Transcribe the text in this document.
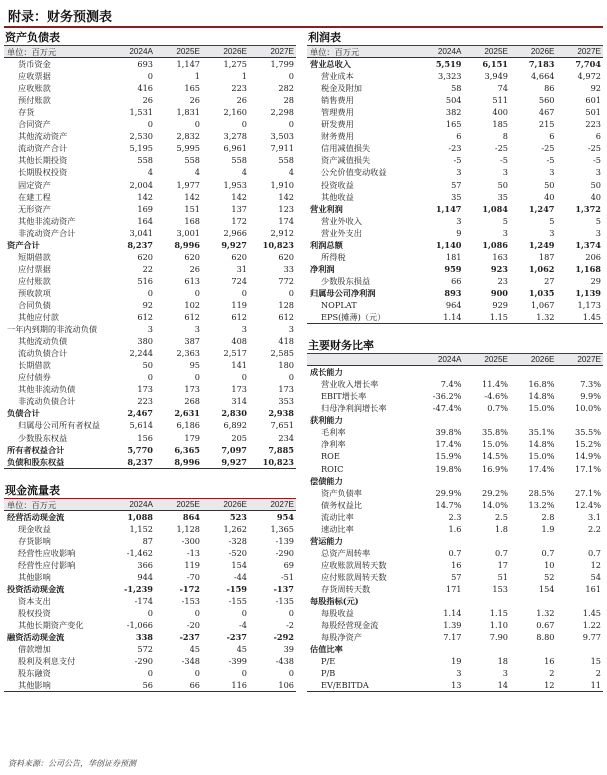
附录：财务预测表
资产负债表
单位：百万元	2024A	2025E	2026E	2027E
货币资金	693	1,147	1,275	1,799
应收票据	0	1	1	0
应收账款	416	165	223	282
预付账款	26	26	26	28
存货	1,531	1,831	2,160	2,298
合同资产	0	0	0	0
其他流动资产	2,530	2,832	3,278	3,503
流动资产合计	5,195	5,995	6,961	7,911
其他长期投资	558	558	558	558
长期股权投资	4	4	4	4
固定资产	2,004	1,977	1,953	1,910
在建工程	142	142	142	142
无形资产	169	151	137	123
其他非流动资产	164	168	172	174
非流动资产合计	3,041	3,001	2,966	2,912
资产合计	8,237	8,996	9,927	10,823
短期借款	620	620	620	620
应付票据	22	26	31	33
应付账款	516	613	724	772
预收款项	0	0	0	0
合同负债	92	102	119	128
其他应付款	612	612	612	612
一年内到期的非流动负债	3	3	3	3
其他流动负债	380	387	408	418
流动负债合计	2,244	2,363	2,517	2,585
长期借款	50	95	141	180
应付债券	0	0	0	0
其他非流动负债	173	173	173	173
非流动负债合计	223	268	314	353
负债合计	2,467	2,631	2,830	2,938
归属母公司所有者权益	5,614	6,186	6,892	7,651
少数股东权益	156	179	205	234
所有者权益合计	5,770	6,365	7,097	7,885
负债和股东权益	8,237	8,996	9,927	10,823
现金流量表
单位：百万元	2024A	2025E	2026E	2027E
经营活动现金流	1,088	864	523	954
现金收益	1,152	1,128	1,262	1,365
存货影响	87	-300	-328	-139
经营性应收影响	-1,462	-13	-520	-290
经营性应付影响	366	119	154	69
其他影响	944	-70	-44	-51
投资活动现金流	-1,239	-172	-159	-137
资本支出	-174	-153	-155	-135
股权投资	0	0	0	0
其他长期资产变化	-1,066	-20	-4	-2
融资活动现金流	338	-237	-237	-292
借款增加	572	45	45	39
股利及利息支付	-290	-348	-399	-438
股东融资	0	0	0	0
其他影响	56	66	116	106
利润表
单位：百万元	2024A	2025E	2026E	2027E
营业总收入	5,519	6,151	7,183	7,704
营业成本	3,323	3,949	4,664	4,972
税金及附加	58	74	86	92
销售费用	504	511	560	601
管理费用	382	400	467	501
研发费用	165	185	215	223
财务费用	6	8	6	6
信用减值损失	-23	-25	-25	-25
资产减值损失	-5	-5	-5	-5
公允价值变动收益	3	3	3	3
投资收益	57	50	50	50
其他收益	35	35	40	40
营业利润	1,147	1,084	1,247	1,372
营业外收入	3	5	5	5
营业外支出	9	3	3	3
利润总额	1,140	1,086	1,249	1,374
所得税	181	163	187	206
净利润	959	923	1,062	1,168
少数股东损益	66	23	27	29
归属母公司净利润	893	900	1,035	1,139
NOPLAT	964	929	1,067	1,173
EPS(摊薄)（元）	1.14	1.15	1.32	1.45
主要财务比率
2024A	2025E	2026E	2027E
成长能力
营业收入增长率	7.4%	11.4%	16.8%	7.3%
EBIT增长率	-36.2%	-4.6%	14.8%	9.9%
归母净利润增长率	-47.4%	0.7%	15.0%	10.0%
获利能力
毛利率	39.8%	35.8%	35.1%	35.5%
净利率	17.4%	15.0%	14.8%	15.2%
ROE	15.9%	14.5%	15.0%	14.9%
ROIC	19.8%	16.9%	17.4%	17.1%
偿债能力
资产负债率	29.9%	29.2%	28.5%	27.1%
债务权益比	14.7%	14.0%	13.2%	12.4%
流动比率	2.3	2.5	2.8	3.1
速动比率	1.6	1.8	1.9	2.2
营运能力
总资产周转率	0.7	0.7	0.7	0.7
应收账款周转天数	16	17	10	12
应付账款周转天数	57	51	52	54
存货周转天数	171	153	154	161
每股指标(元)
每股收益	1.14	1.15	1.32	1.45
每股经营现金流	1.39	1.10	0.67	1.22
每股净资产	7.17	7.90	8.80	9.77
估值比率
P/E	19	18	16	15
P/B	3	3	2	2
EV/EBITDA	13	14	12	11
资料来源：公司公告，华创证券预测
